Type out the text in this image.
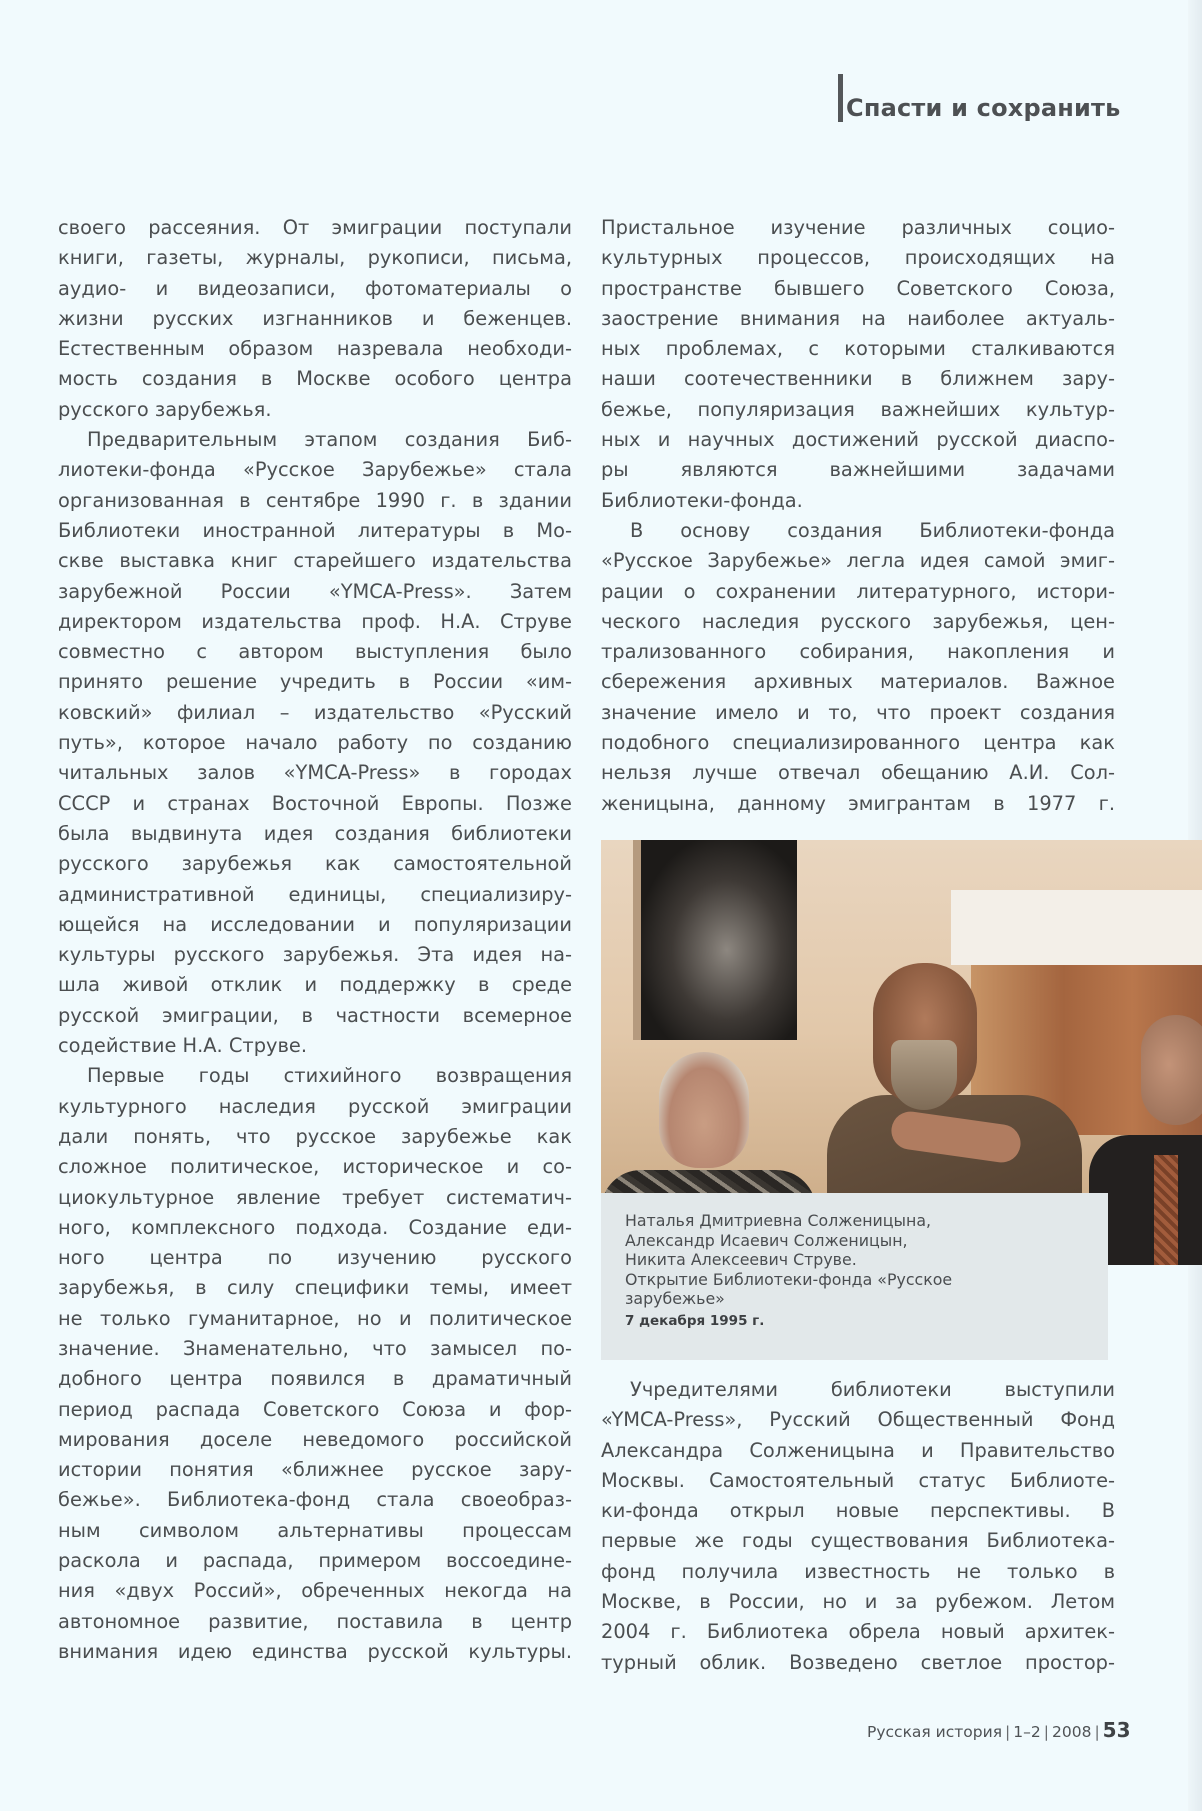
Спасти и сохранить
своего рассеяния. От эмиграции поступали
книги, газеты, журналы, рукописи, письма,
аудио- и видеозаписи, фотоматериалы о
жизни русских изгнанников и беженцев.
Естественным образом назревала необходи-
мость создания в Москве особого центра
русского зарубежья.
Предварительным этапом создания Биб-
лиотеки-фонда «Русское Зарубежье» стала
организованная в сентябре 1990 г. в здании
Библиотеки иностранной литературы в Мо-
скве выставка книг старейшего издательства
зарубежной России «YMCA-Press». Затем
директором издательства проф. Н.А. Струве
совместно с автором выступления было
принято решение учредить в России «им-
ковский» филиал – издательство «Русский
путь», которое начало работу по созданию
читальных залов «YMCA-Press» в городах
СССР и странах Восточной Европы. Позже
была выдвинута идея создания библиотеки
русского зарубежья как самостоятельной
административной единицы, специализиру-
ющейся на исследовании и популяризации
культуры русского зарубежья. Эта идея на-
шла живой отклик и поддержку в среде
русской эмиграции, в частности всемерное
содействие Н.А. Струве.
Первые годы стихийного возвращения
культурного наследия русской эмиграции
дали понять, что русское зарубежье как
сложное политическое, историческое и со-
циокультурное явление требует систематич-
ного, комплексного подхода. Создание еди-
ного центра по изучению русского
зарубежья, в силу специфики темы, имеет
не только гуманитарное, но и политическое
значение. Знаменательно, что замысел по-
добного центра появился в драматичный
период распада Советского Союза и фор-
мирования доселе неведомого российской
истории понятия «ближнее русское зару-
бежье». Библиотека-фонд стала своеобраз-
ным символом альтернативы процессам
раскола и распада, примером воссоедине-
ния «двух Россий», обреченных некогда на
автономное развитие, поставила в центр
внимания идею единства русской культуры.
Пристальное изучение различных социо-
культурных процессов, происходящих на
пространстве бывшего Советского Союза,
заострение внимания на наиболее актуаль-
ных проблемах, с которыми сталкиваются
наши соотечественники в ближнем зару-
бежье, популяризация важнейших культур-
ных и научных достижений русской диаспо-
ры являются важнейшими задачами
Библиотеки-фонда.
В основу создания Библиотеки-фонда
«Русское Зарубежье» легла идея самой эмиг-
рации о сохранении литературного, истори-
ческого наследия русского зарубежья, цен-
трализованного собирания, накопления и
сбережения архивных материалов. Важное
значение имело и то, что проект создания
подобного специализированного центра как
нельзя лучше отвечал обещанию А.И. Сол-
женицына, данному эмигрантам в 1977 г.
Наталья Дмитриевна Солженицына,
Александр Исаевич Солженицын,
Никита Алексеевич Струве.
Открытие Библиотеки-фонда «Русское
зарубежье»
7 декабря 1995 г.
Учредителями библиотеки выступили
«YMCA-Press», Русский Общественный Фонд
Александра Солженицына и Правительство
Москвы. Самостоятельный статус Библиоте-
ки-фонда открыл новые перспективы. В
первые же годы существования Библиотека-
фонд получила известность не только в
Москве, в России, но и за рубежом. Летом
2004 г. Библиотека обрела новый архитек-
турный облик. Возведено светлое простор-
Русская история | 1–2 | 2008 | 53
